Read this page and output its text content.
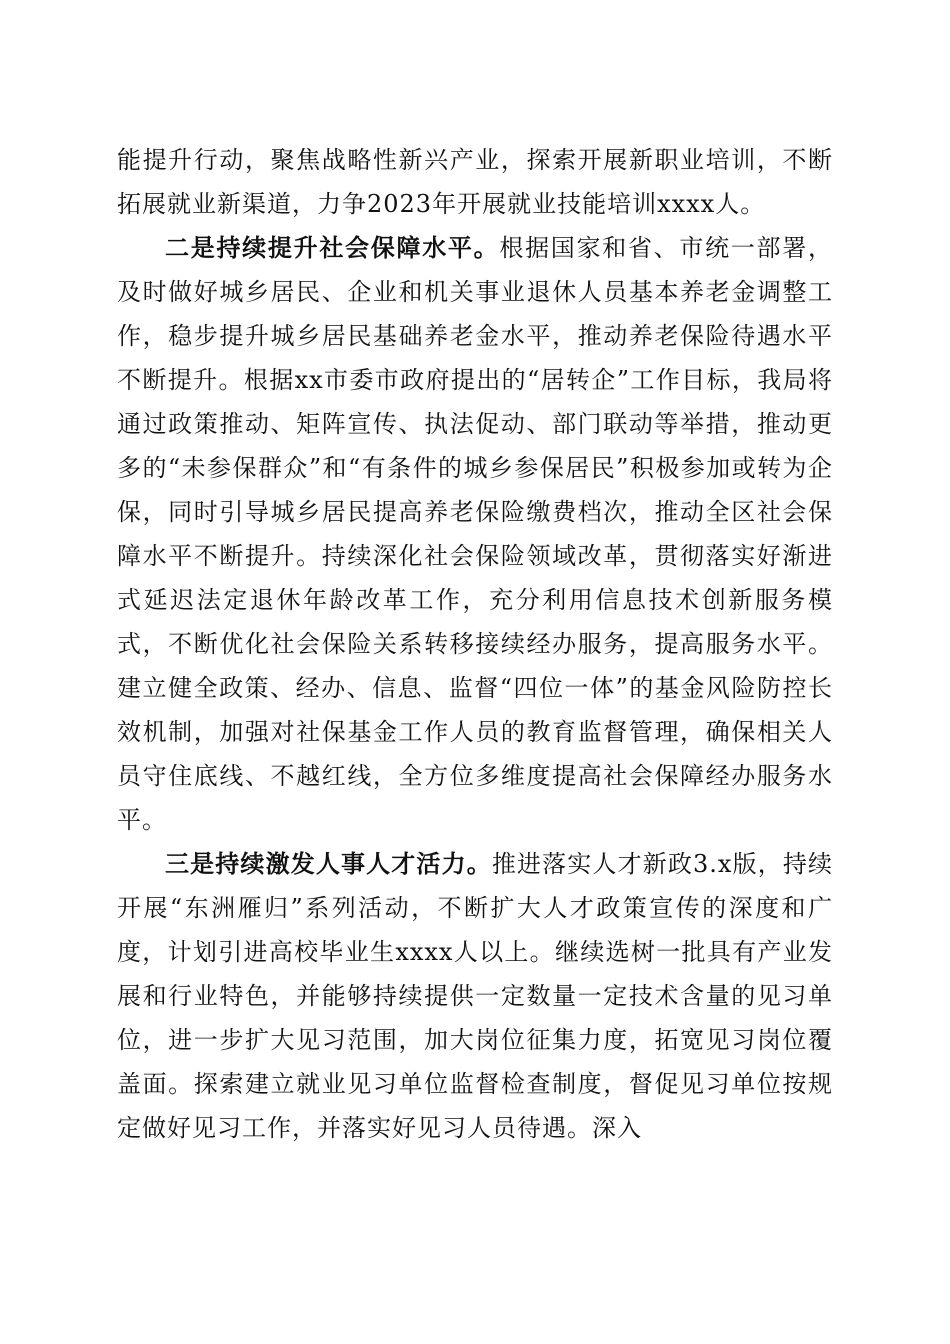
能提升行动，聚焦战略性新兴产业，探索开展新职业培训，不断拓展就业新渠道，力争2023年开展就业技能培训xxxx人。

二是持续提升社会保障水平。根据国家和省、市统一部署，及时做好城乡居民、企业和机关事业退休人员基本养老金调整工作，稳步提升城乡居民基础养老金水平，推动养老保险待遇水平不断提升。根据xx市委市政府提出的“居转企”工作目标，我局将通过政策推动、矩阵宣传、执法促动、部门联动等举措，推动更多的“未参保群众”和“有条件的城乡参保居民”积极参加或转为企保，同时引导城乡居民提高养老保险缴费档次，推动全区社会保障水平不断提升。持续深化社会保险领域改革，贯彻落实好渐进式延迟法定退休年龄改革工作，充分利用信息技术创新服务模式，不断优化社会保险关系转移接续经办服务，提高服务水平。建立健全政策、经办、信息、监督“四位一体”的基金风险防控长效机制，加强对社保基金工作人员的教育监督管理，确保相关人员守住底线、不越红线，全方位多维度提高社会保障经办服务水平。

三是持续激发人事人才活力。推进落实人才新政3.x版，持续开展“东洲雁归”系列活动，不断扩大人才政策宣传的深度和广度，计划引进高校毕业生xxxx人以上。继续选树一批具有产业发展和行业特色，并能够持续提供一定数量一定技术含量的见习单位，进一步扩大见习范围，加大岗位征集力度，拓宽见习岗位覆盖面。探索建立就业见习单位监督检查制度，督促见习单位按规定做好见习工作，并落实好见习人员待遇。深入
